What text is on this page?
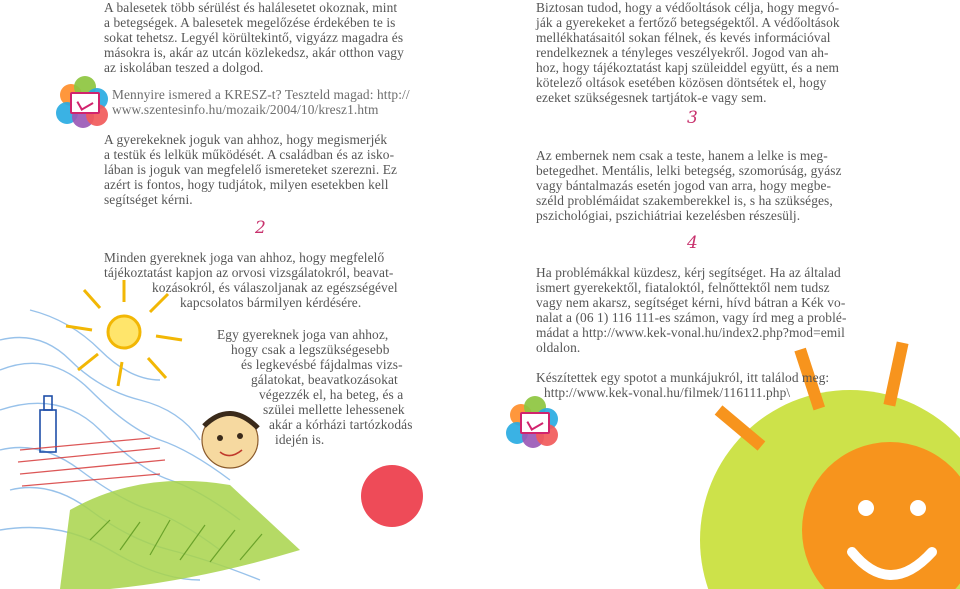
A balesetek több sérülést és halálesetet okoznak, mint
a betegségek. A balesetek megelőzése érdekében te is
sokat tehetsz. Legyél körültekintő, vigyázz magadra és
másokra is, akár az utcán közlekedsz, akár otthon vagy
az iskolában teszed a dolgod.

Mennyire ismered a KRESZ-t? Teszteld magad: http://
www.szentesinfo.hu/mozaik/2004/10/kresz1.htm

A gyerekeknek joguk van ahhoz, hogy megismerjék
a testük és lelkük működését. A családban és az isko-
lában is joguk van megfelelő ismereteket szerezni. Ez
azért is fontos, hogy tudjátok, milyen esetekben kell
segítséget kérni.

2

Minden gyereknek joga van ahhoz, hogy megfelelő
tájékoztatást kapjon az orvosi vizsgálatokról, beavat-
kozásokról, és válaszoljanak az egészségével
kapcsolatos bármilyen kérdésére.

Egy gyereknek joga van ahhoz,
hogy csak a legszükségesebb
és legkevésbé fájdalmas vizs-
gálatokat, beavatkozásokat
végezzék el, ha beteg, és a
szülei mellette lehessenek
akár a kórházi tartózkodás
idején is.

Biztosan tudod, hogy a védőoltások célja, hogy megvó-
ják a gyerekeket a fertőző betegségektől. A védőoltások
mellékhatásaitól sokan félnek, és kevés információval
rendelkeznek a tényleges veszélyekről. Jogod van ah-
hoz, hogy tájékoztatást kapj szüleiddel együtt, és a nem
kötelező oltások esetében közösen döntsétek el, hogy
ezeket szükségesnek tartjátok-e vagy sem.

3

Az embernek nem csak a teste, hanem a lelke is meg-
betegedhet. Mentális, lelki betegség, szomorúság, gyász
vagy bántalmazás esetén jogod van arra, hogy megbe-
széld problémáidat szakemberekkel is, s ha szükséges,
pszichológiai, pszichiátriai kezelésben részesülj.

4

Ha problémákkal küzdesz, kérj segítséget. Ha az általad
ismert gyerekektől, fiataloktól, felnőttektől nem tudsz
vagy nem akarsz, segítséget kérni, hívd bátran a Kék vo-
nalat a (06 1) 116 111-es számon, vagy írd meg a problé-
mádat a http://www.kek-vonal.hu/index2.php?mod=emil
oldalon.

Készítettek egy spotot a munkájukról, itt találod meg:
http://www.kek-vonal.hu/filmek/116111.php\
